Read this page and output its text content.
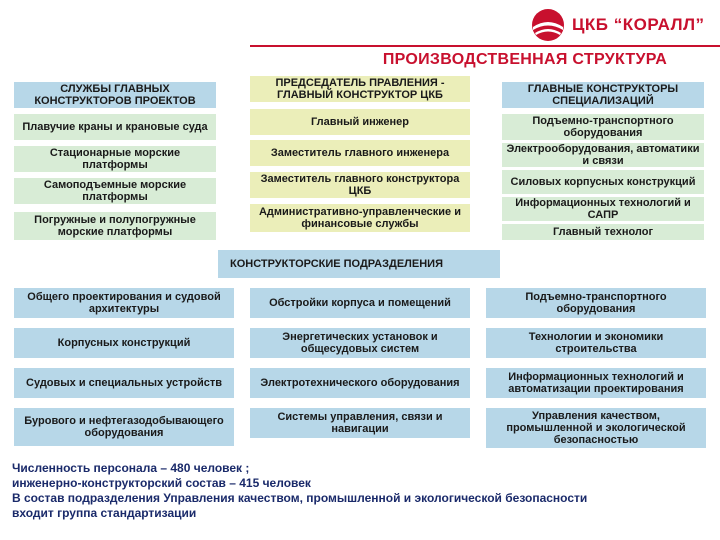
ЦКБ “КОРАЛЛ”
ПРОИЗВОДСТВЕННАЯ СТРУКТУРА
СЛУЖБЫ ГЛАВНЫХ КОНСТРУКТОРОВ ПРОЕКТОВ
Плавучие краны и крановые суда
Стационарные морские платформы
Самоподъемные морские платформы
Погружные и полупогружные морские платформы
ПРЕДСЕДАТЕЛЬ ПРАВЛЕНИЯ - ГЛАВНЫЙ КОНСТРУКТОР ЦКБ
Главный инженер
Заместитель главного инженера
Заместитель главного конструктора ЦКБ
Административно-управленческие и финансовые службы
ГЛАВНЫЕ КОНСТРУКТОРЫ СПЕЦИАЛИЗАЦИЙ
Подъемно-транспортного оборудования
Электрооборудования, автоматики и связи
Силовых корпусных конструкций
Информационных технологий и САПР
Главный технолог
КОНСТРУКТОРСКИЕ ПОДРАЗДЕЛЕНИЯ
Общего проектирования и судовой архитектуры
Корпусных конструкций
Судовых и специальных устройств
Бурового и нефтегазодобывающего оборудования
Обстройки корпуса и помещений
Энергетических установок и общесудовых систем
Электротехнического оборудования
Системы управления, связи и навигации
Подъемно-транспортного оборудования
Технологии и экономики строительства
Информационных технологий и автоматизации проектирования
Управления качеством, промышленной и экологической безопасностью
Численность персонала – 480 человек ;
инженерно-конструкторский состав – 415 человек
В состав подразделения Управления качеством, промышленной и экологической безопасности
входит группа стандартизации
